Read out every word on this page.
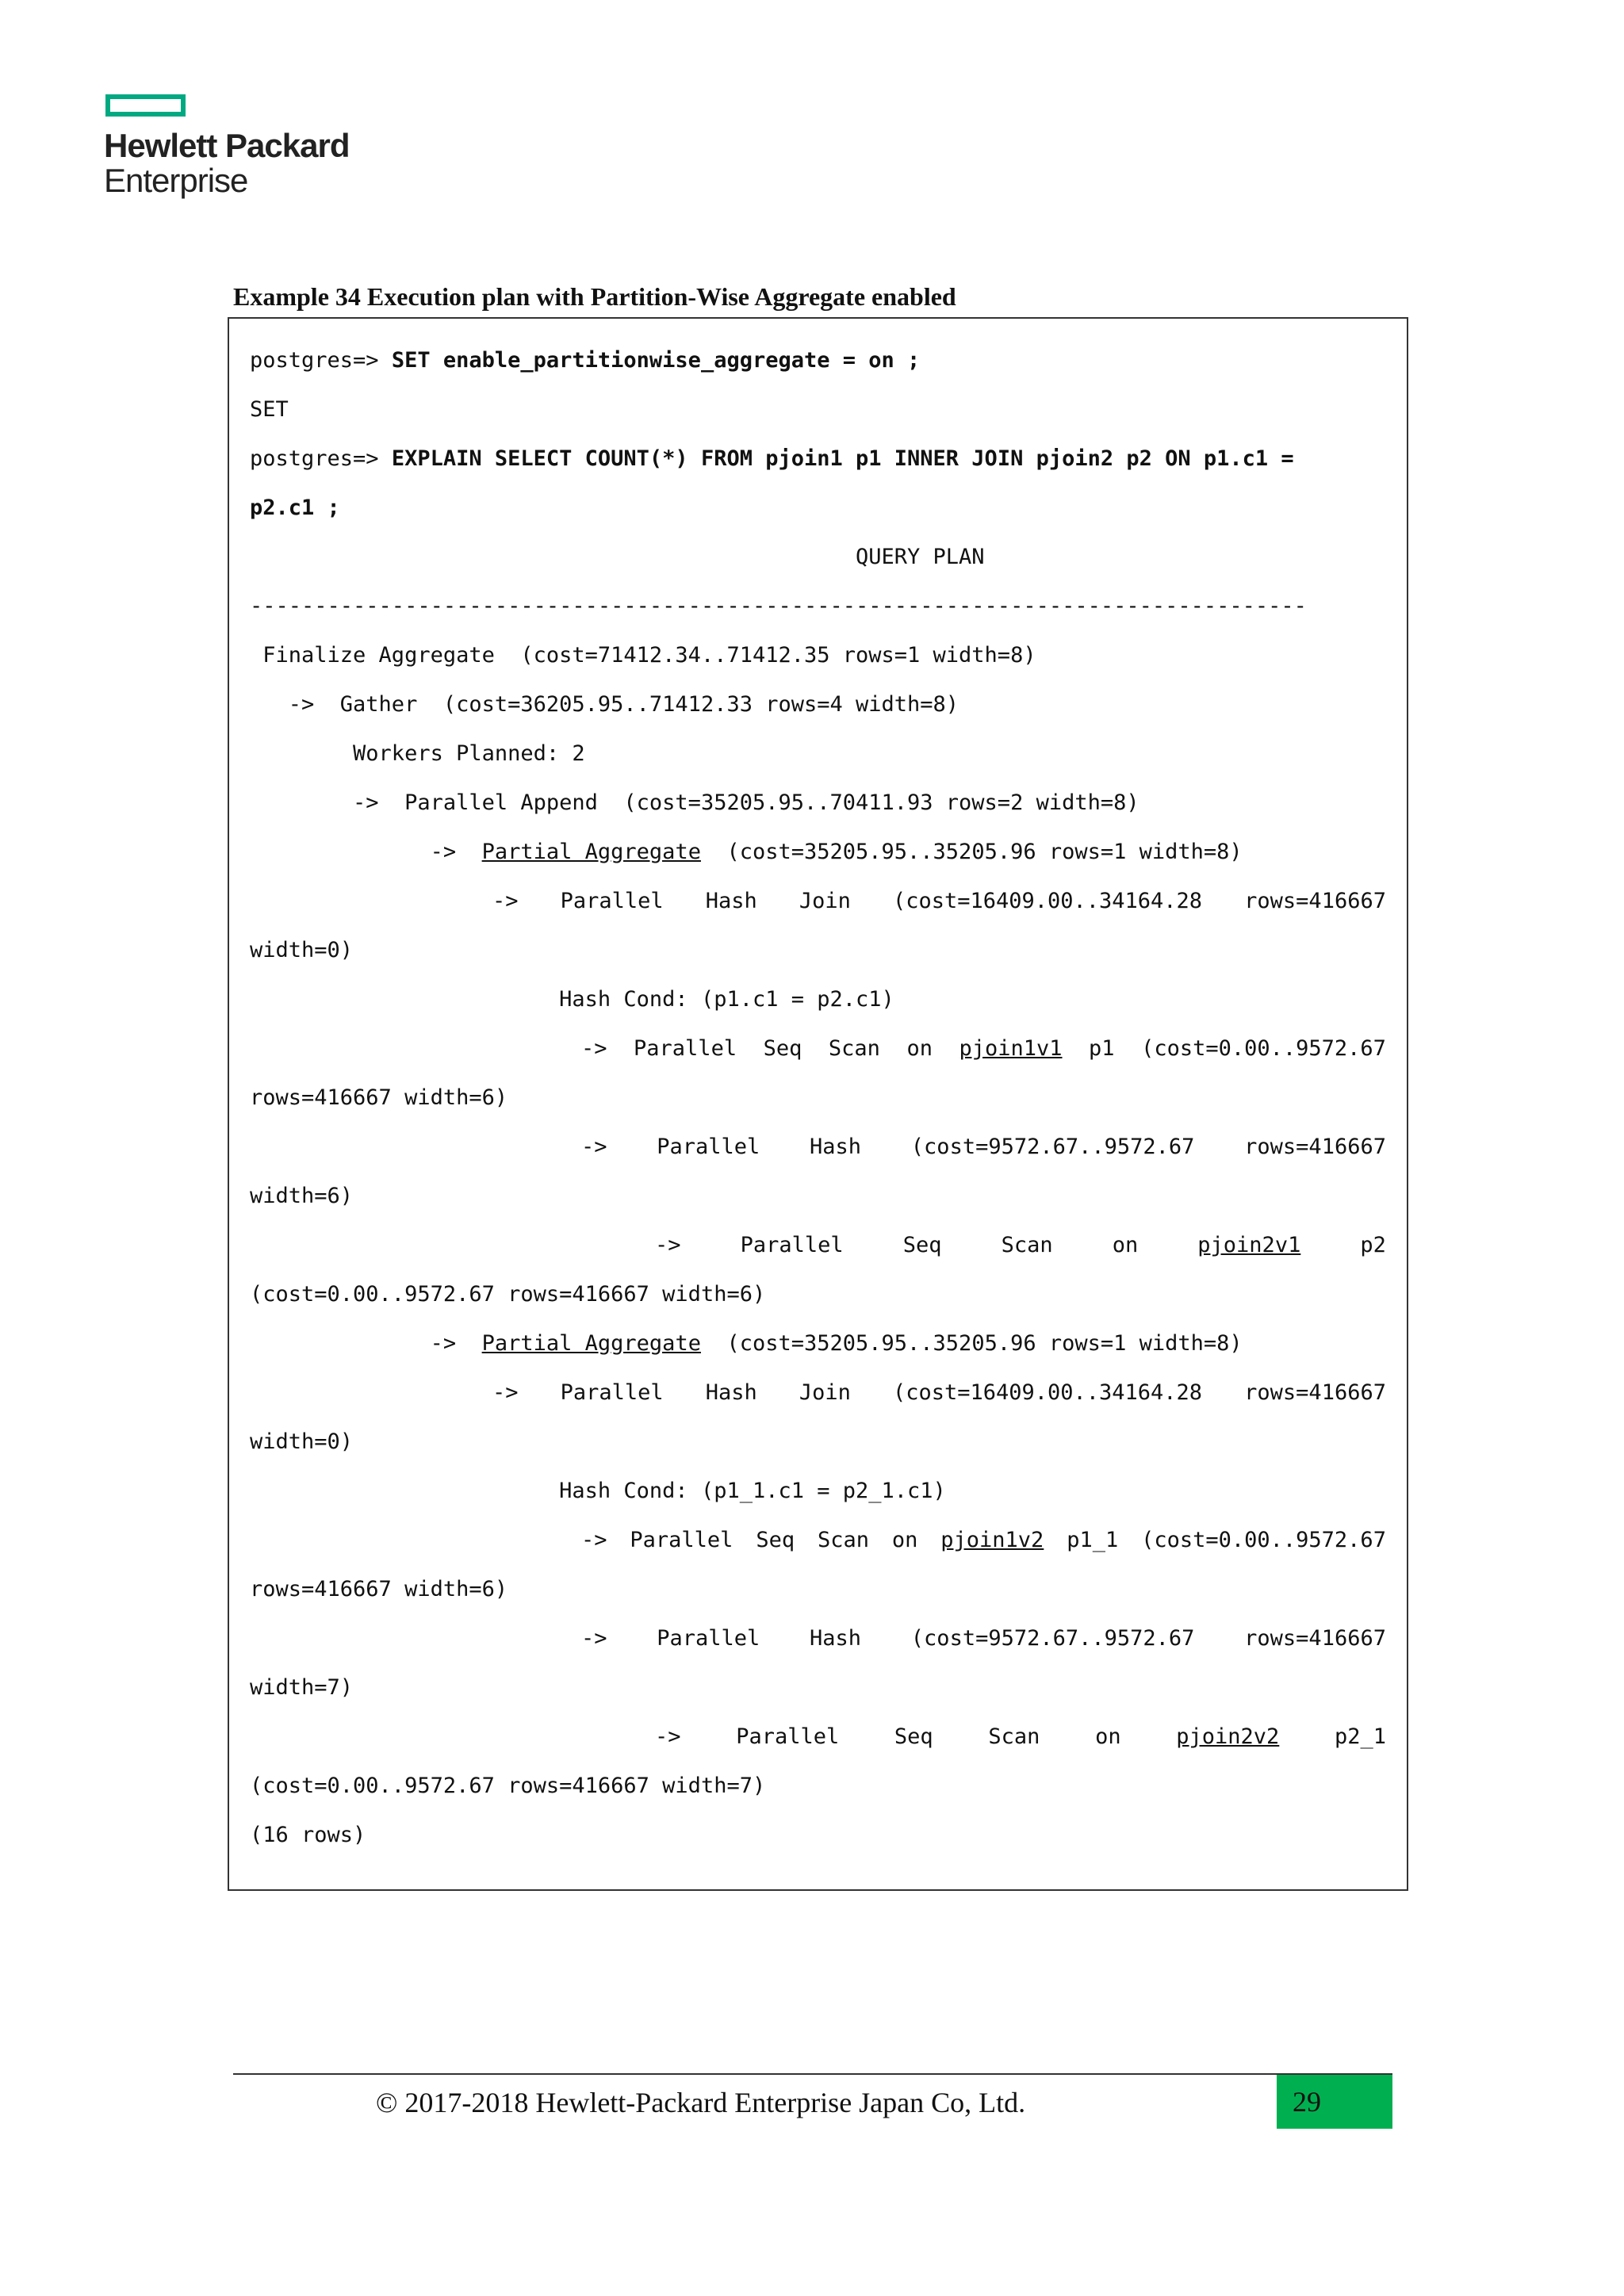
Hewlett Packard
Enterprise
Example 34 Execution plan with Partition-Wise Aggregate enabled
postgres=> SET enable_partitionwise_aggregate = on ;
SET
postgres=> EXPLAIN SELECT COUNT(*) FROM pjoin1 p1 INNER JOIN pjoin2 p2 ON p1.c1 =
p2.c1 ;
QUERY PLAN
----------------------------------------------------------------------------------
Finalize Aggregate  (cost=71412.34..71412.35 rows=1 width=8)
->  Gather  (cost=36205.95..71412.33 rows=4 width=8)
Workers Planned: 2
->  Parallel Append  (cost=35205.95..70411.93 rows=2 width=8)
->  Partial Aggregate  (cost=35205.95..35205.96 rows=1 width=8)
-> Parallel Hash Join (cost=16409.00..34164.28 rows=416667
width=0)
Hash Cond: (p1.c1 = p2.c1)
-> Parallel Seq Scan on pjoin1v1 p1 (cost=0.00..9572.67
rows=416667 width=6)
-> Parallel Hash (cost=9572.67..9572.67 rows=416667
width=6)
->	Parallel	Seq	Scan	on	pjoin2v1	p2
(cost=0.00..9572.67 rows=416667 width=6)
->  Partial Aggregate  (cost=35205.95..35205.96 rows=1 width=8)
-> Parallel Hash Join (cost=16409.00..34164.28 rows=416667
width=0)
Hash Cond: (p1_1.c1 = p2_1.c1)
-> Parallel Seq Scan on pjoin1v2 p1_1 (cost=0.00..9572.67
rows=416667 width=6)
-> Parallel Hash (cost=9572.67..9572.67 rows=416667
width=7)
->	Parallel	Seq	Scan	on	pjoin2v2	p2_1
(cost=0.00..9572.67 rows=416667 width=7)
(16 rows)
© 2017-2018 Hewlett-Packard Enterprise Japan Co, Ltd.	29
